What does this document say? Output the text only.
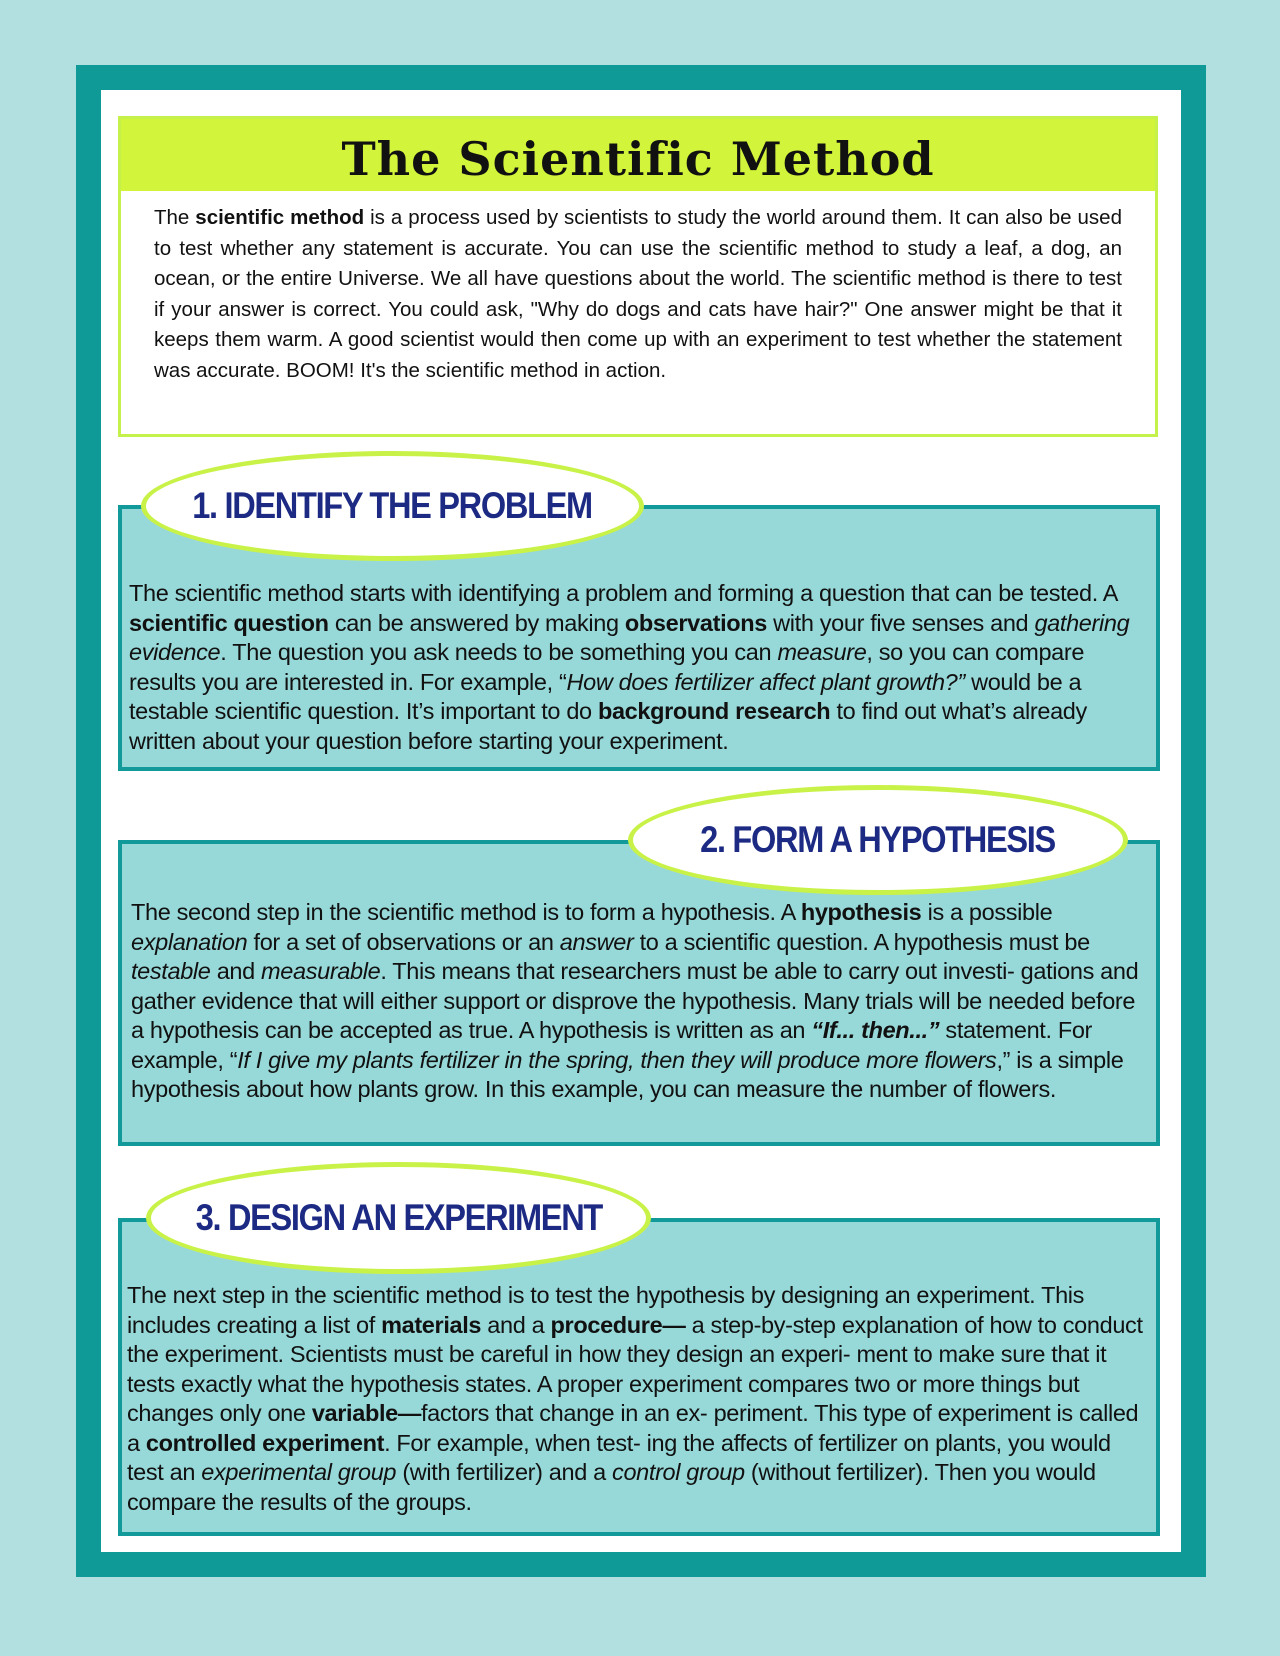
The Scientific Method
The scientific method is a process used by scientists to study the world around them. It can also be used to test whether any statement is accurate. You can use the scientific method to study a leaf, a dog, an ocean, or the entire Universe. We all have questions about the world. The scientific method is there to test if your answer is correct. You could ask, "Why do dogs and cats have hair?" One answer might be that it keeps them warm. A good scientist would then come up with an experiment to test whether the statement was accurate. BOOM! It's the scientific method in action.
The scientific method starts with identifying a problem and forming a question that can be tested. A scientific question can be answered by making observations with your five senses and gathering evidence. The question you ask needs to be something you can measure, so you can compare results you are interested in. For example, “How does fertilizer affect plant growth?” would be a testable scientific question. It’s important to do background research to find out what’s already written about your question before starting your experiment.
1. IDENTIFY THE PROBLEM
The second step in the scientific method is to form a hypothesis. A hypothesis is a possible explanation for a set of observations or an answer to a scientific question. A hypothesis must be testable and measurable. This means that researchers must be able to carry out investi- gations and gather evidence that will either support or disprove the hypothesis. Many trials will be needed before a hypothesis can be accepted as true. A hypothesis is written as an “If... then...” statement. For example, “If I give my plants fertilizer in the spring, then they will produce more flowers,” is a simple hypothesis about how plants grow. In this example, you can measure the number of flowers.
2. FORM A HYPOTHESIS
The next step in the scientific method is to test the hypothesis by designing an experiment. This includes creating a list of materials and a procedure— a step-by-step explanation of how to conduct the experiment. Scientists must be careful in how they design an experi- ment to make sure that it tests exactly what the hypothesis states. A proper experiment compares two or more things but changes only one variable—factors that change in an ex- periment. This type of experiment is called a controlled experiment. For example, when test- ing the affects of fertilizer on plants, you would test an experimental group (with fertilizer) and a control group (without fertilizer). Then you would compare the results of the groups.
3. DESIGN AN EXPERIMENT
